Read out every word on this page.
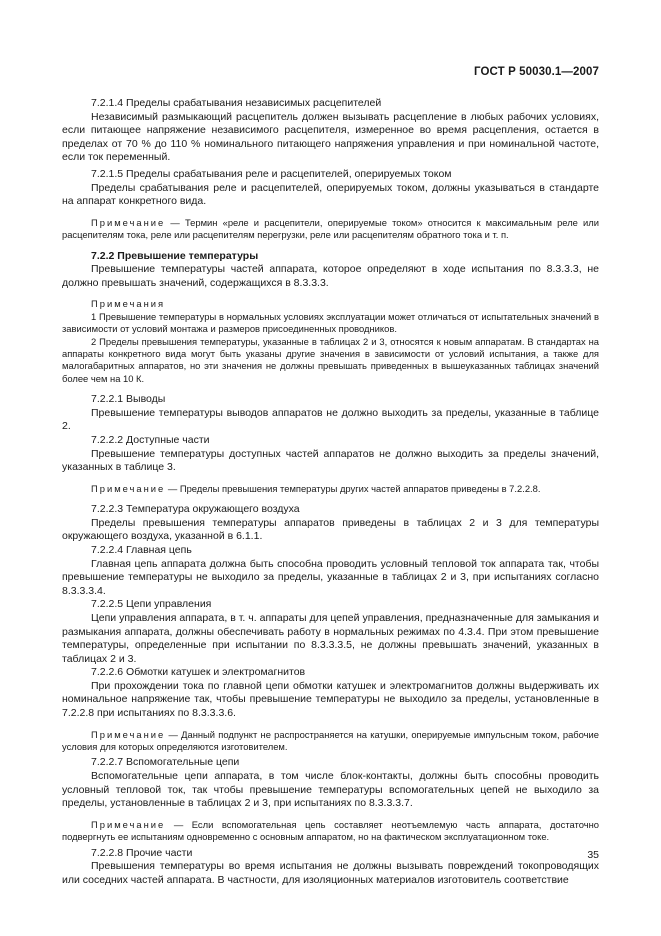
ГОСТ Р 50030.1—2007

7.2.1.4 Пределы срабатывания независимых расцепителей

Независимый размыкающий расцепитель должен вызывать расцепление в любых рабочих условиях, если питающее напряжение независимого расцепителя, измеренное во время расцепления, остается в пределах от 70 % до 110 % номинального питающего напряжения управления и при номинальной частоте, если ток переменный.

7.2.1.5 Пределы срабатывания реле и расцепителей, оперируемых током

Пределы срабатывания реле и расцепителей, оперируемых током, должны указываться в стандарте на аппарат конкретного вида.

Примечание — Термин «реле и расцепители, оперируемые током» относится к максимальным реле или расцепителям тока, реле или расцепителям перегрузки, реле или расцепителям обратного тока и т. п.

7.2.2 Превышение температуры

Превышение температуры частей аппарата, которое определяют в ходе испытания по 8.3.3.3, не должно превышать значений, содержащихся в 8.3.3.3.

Примечания

1 Превышение температуры в нормальных условиях эксплуатации может отличаться от испытательных значений в зависимости от условий монтажа и размеров присоединенных проводников.

2 Пределы превышения температуры, указанные в таблицах 2 и 3, относятся к новым аппаратам. В стандартах на аппараты конкретного вида могут быть указаны другие значения в зависимости от условий испытания, а также для малогабаритных аппаратов, но эти значения не должны превышать приведенных в вышеуказанных таблицах значений более чем на 10 К.

7.2.2.1 Выводы

Превышение температуры выводов аппаратов не должно выходить за пределы, указанные в таблице 2.

7.2.2.2 Доступные части

Превышение температуры доступных частей аппаратов не должно выходить за пределы значений, указанных в таблице 3.

Примечание — Пределы превышения температуры других частей аппаратов приведены в 7.2.2.8.

7.2.2.3 Температура окружающего воздуха

Пределы превышения температуры аппаратов приведены в таблицах 2 и 3 для температуры окружающего воздуха, указанной в 6.1.1.

7.2.2.4 Главная цепь

Главная цепь аппарата должна быть способна проводить условный тепловой ток аппарата так, чтобы превышение температуры не выходило за пределы, указанные в таблицах 2 и 3, при испытаниях согласно 8.3.3.3.4.

7.2.2.5 Цепи управления

Цепи управления аппарата, в т. ч. аппараты для цепей управления, предназначенные для замыкания и размыкания аппарата, должны обеспечивать работу в нормальных режимах по 4.3.4. При этом превышение температуры, определенные при испытании по 8.3.3.3.5, не должны превышать значений, указанных в таблицах 2 и 3.

7.2.2.6 Обмотки катушек и электромагнитов

При прохождении тока по главной цепи обмотки катушек и электромагнитов должны выдерживать их номинальное напряжение так, чтобы превышение температуры не выходило за пределы, установленные в 7.2.2.8 при испытаниях по 8.3.3.3.6.

Примечание — Данный подпункт не распространяется на катушки, оперируемые импульсным током, рабочие условия для которых определяются изготовителем.

7.2.2.7 Вспомогательные цепи

Вспомогательные цепи аппарата, в том числе блок-контакты, должны быть способны проводить условный тепловой ток, так чтобы превышение температуры вспомогательных цепей не выходило за пределы, установленные в таблицах 2 и 3, при испытаниях по 8.3.3.3.7.

Примечание — Если вспомогательная цепь составляет неотъемлемую часть аппарата, достаточно подвергнуть ее испытаниям одновременно с основным аппаратом, но на фактическом эксплуатационном токе.

7.2.2.8 Прочие части

Превышения температуры во время испытания не должны вызывать повреждений токопроводящих или соседних частей аппарата. В частности, для изоляционных материалов изготовитель соответствие

35
